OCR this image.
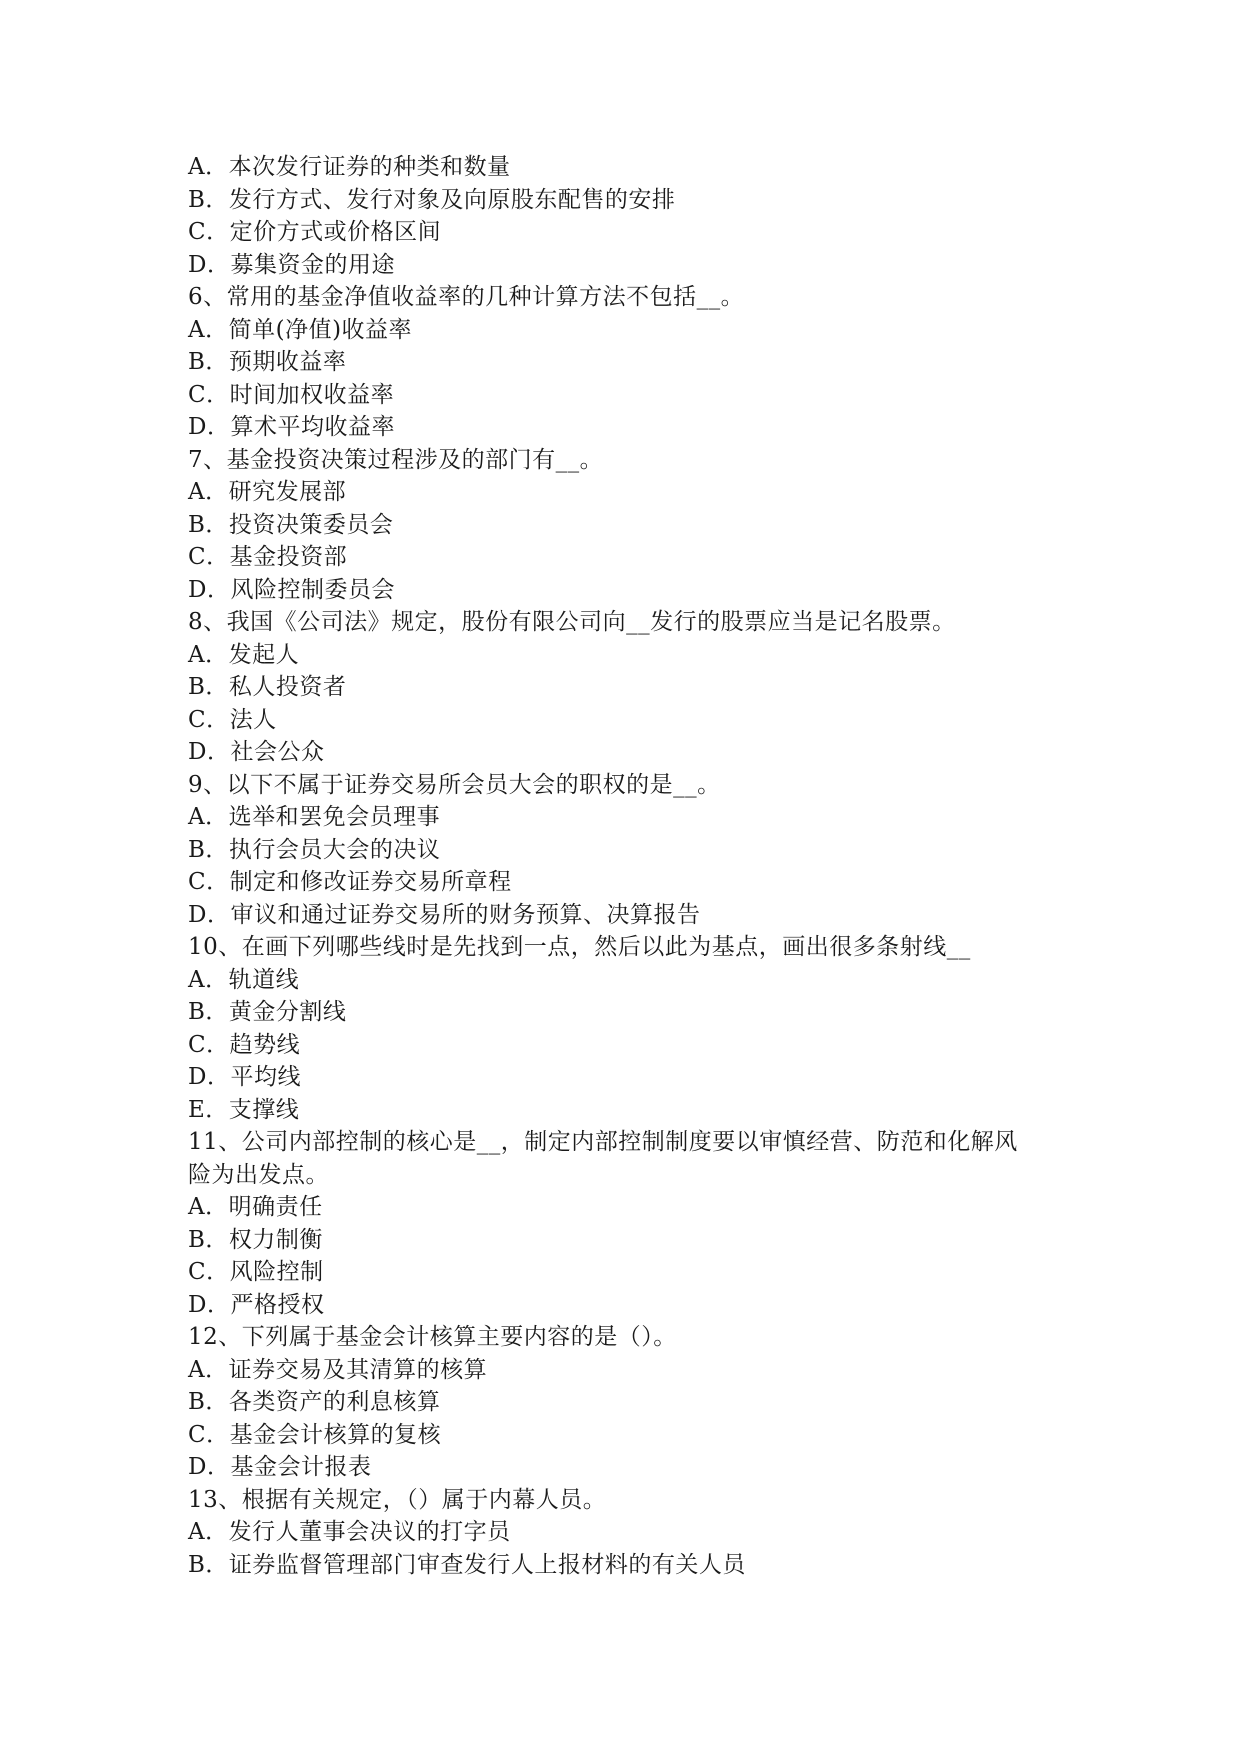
A．本次发行证券的种类和数量
B．发行方式、发行对象及向原股东配售的安排
C．定价方式或价格区间
D．募集资金的用途
6、常用的基金净值收益率的几种计算方法不包括__。
A．简单(净值)收益率
B．预期收益率
C．时间加权收益率
D．算术平均收益率
7、基金投资决策过程涉及的部门有__。
A．研究发展部
B．投资决策委员会
C．基金投资部
D．风险控制委员会
8、我国《公司法》规定，股份有限公司向__发行的股票应当是记名股票。
A．发起人
B．私人投资者
C．法人
D．社会公众
9、以下不属于证券交易所会员大会的职权的是__。
A．选举和罢免会员理事
B．执行会员大会的决议
C．制定和修改证券交易所章程
D．审议和通过证券交易所的财务预算、决算报告
10、在画下列哪些线时是先找到一点，然后以此为基点，画出很多条射线__
A．轨道线
B．黄金分割线
C．趋势线
D．平均线
E．支撑线
11、公司内部控制的核心是__，制定内部控制制度要以审慎经营、防范和化解风
险为出发点。
A．明确责任
B．权力制衡
C．风险控制
D．严格授权
12、下列属于基金会计核算主要内容的是（）。
A．证券交易及其清算的核算
B．各类资产的利息核算
C．基金会计核算的复核
D．基金会计报表
13、根据有关规定，（）属于内幕人员。
A．发行人董事会决议的打字员
B．证券监督管理部门审查发行人上报材料的有关人员
